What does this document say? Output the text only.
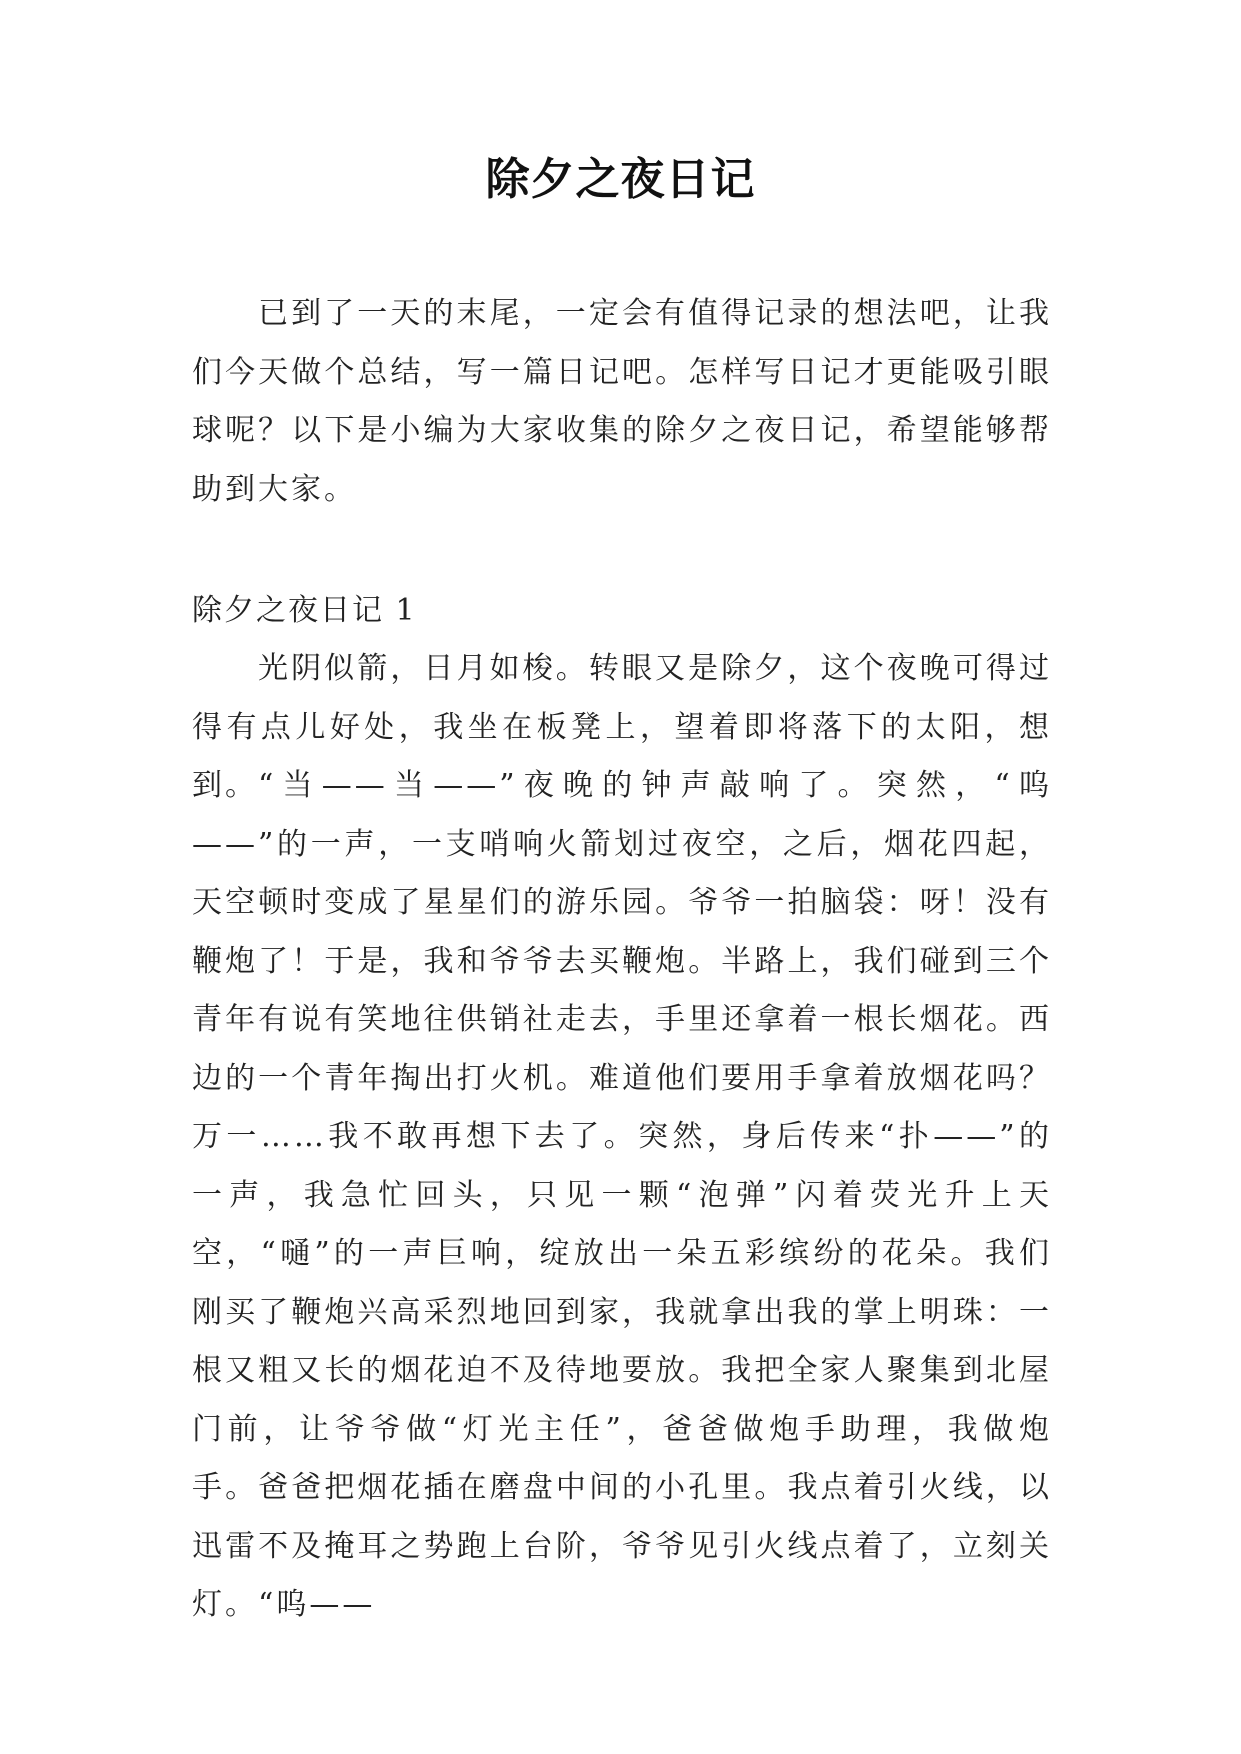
除夕之夜日记

已到了一天的末尾，一定会有值得记录的想法吧，让我们今天做个总结，写一篇日记吧。怎样写日记才更能吸引眼球呢？以下是小编为大家收集的除夕之夜日记，希望能够帮助到大家。

除夕之夜日记 1

光阴似箭，日月如梭。转眼又是除夕，这个夜晚可得过得有点儿好处，我坐在板凳上，望着即将落下的太阳，想到。 “当——当——”夜晚的钟声敲响了。突然，“呜——”的一声，一支哨响火箭划过夜空，之后，烟花四起，天空顿时变成了星星们的游乐园。爷爷一拍脑袋：呀！没有鞭炮了！于是，我和爷爷去买鞭炮。半路上，我们碰到三个青年有说有笑地往供销社走去，手里还拿着一根长烟花。西边的一个青年掏出打火机。难道他们要用手拿着放烟花吗？万一……我不敢再想下去了。突然，身后传来“扑——”的一声，我急忙回头，只见一颗“泡弹”闪着荧光升上天空，“嗵”的一声巨响，绽放出一朵五彩缤纷的花朵。我们刚买了鞭炮兴高采烈地回到家，我就拿出我的掌上明珠：一根又粗又长的烟花迫不及待地要放。我把全家人聚集到北屋门前，让爷爷做“灯光主任”，爸爸做炮手助理，我做炮手。爸爸把烟花插在磨盘中间的小孔里。我点着引火线，以迅雷不及掩耳之势跑上台阶，爷爷见引火线点着了，立刻关灯。“呜——
